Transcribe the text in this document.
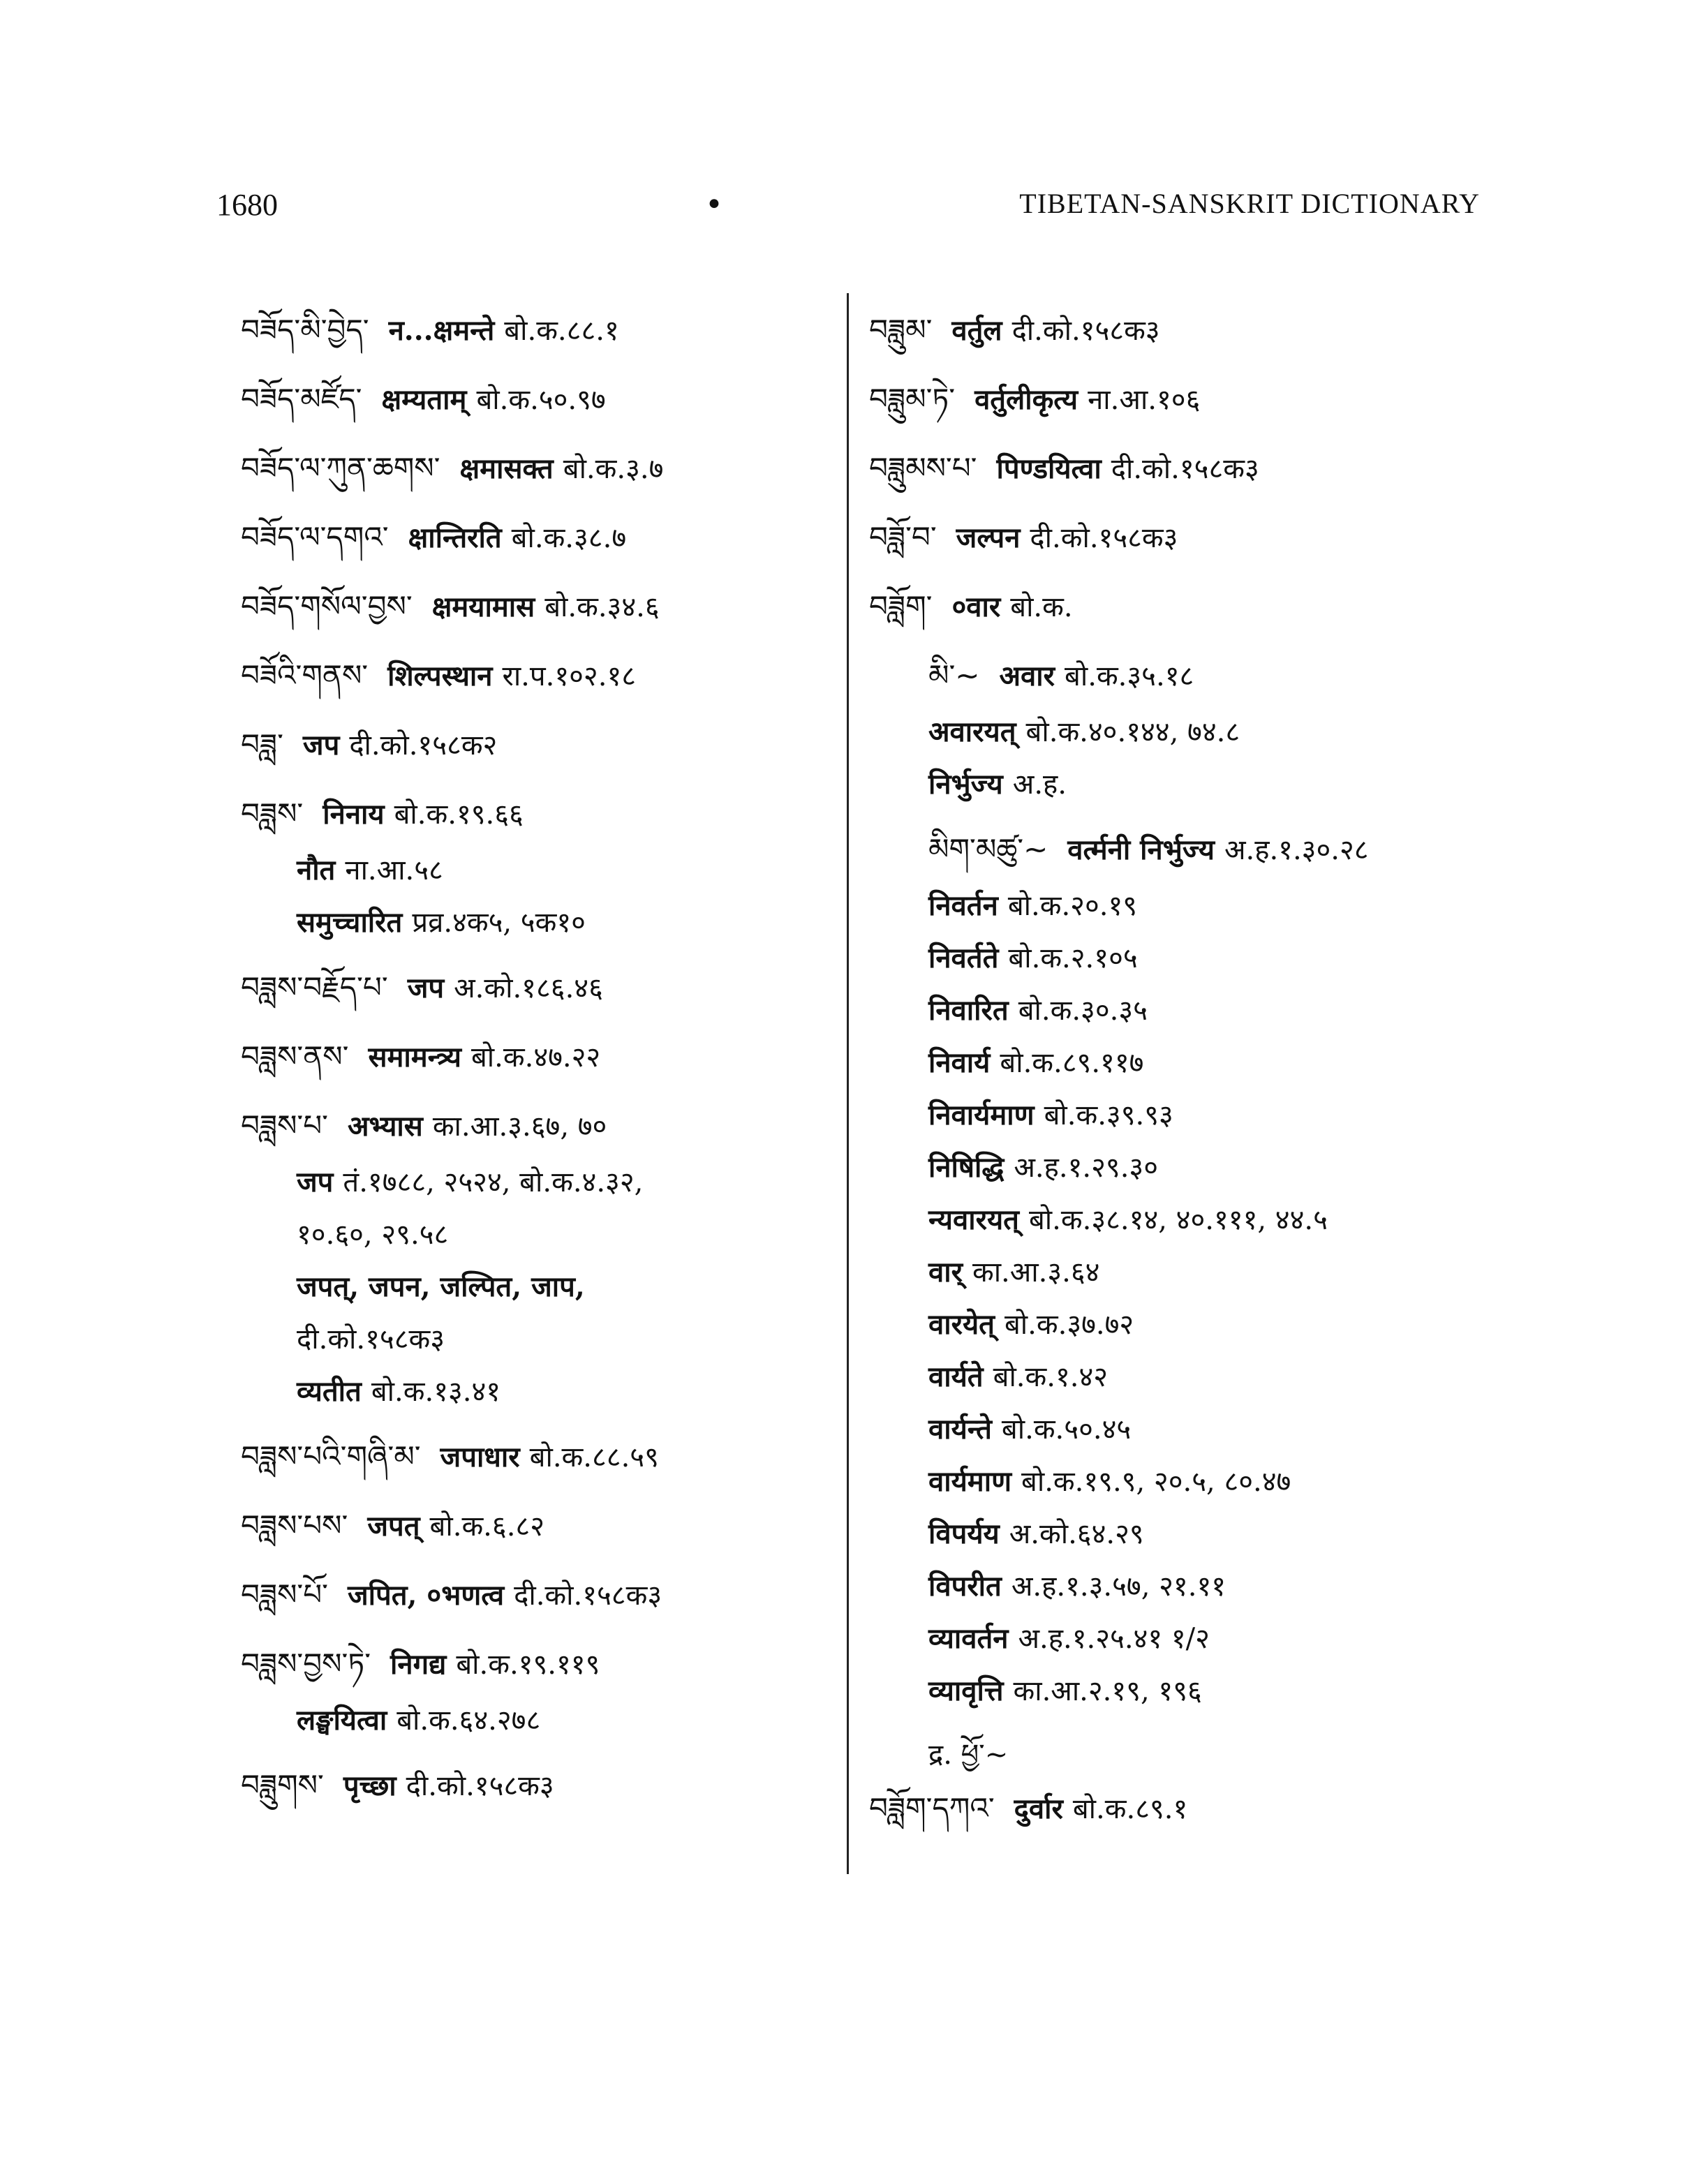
1680	•	TIBETAN-SANSKRIT DICTIONARY
བཟོད་མི་བྱེད་ न...क्षमन्ते बो.क.८८.१
བཟོད་མཛོད་ क्षम्यताम् बो.क.५०.९७
བཟོད་ལ་ཀུན་ཆགས་ क्षमासक्त बो.क.३.७
བཟོད་ལ་དགའ་ क्षान्तिरति बो.क.३८.७
བཟོད་གསོལ་བྱས་ क्षमयामास बो.क.३४.६
བཟོའི་གནས་ शिल्पस्थान रा.प.१०२.१८
བཟླ་ जप दी.को.१५८क२
བཟླས་ निनाय बो.क.१९.६६
नौत ना.आ.५८
समुच्चारित प्रव्र.४क५, ५क१०
བཟླས་བརྗོད་པ་ जप अ.को.१८६.४६
བཟླས་ནས་ समामन्त्र्य बो.क.४७.२२
བཟླས་པ་ अभ्यास का.आ.३.६७, ७०
जप तं.१७८८, २५२४, बो.क.४.३२,
१०.६०, २९.५८
जपत्, जपन, जल्पित, जाप,
दी.को.१५८क३
व्यतीत बो.क.१३.४१
བཟླས་པའི་གཞི་མ་ जपाधार बो.क.८८.५९
བཟླས་པས་ जपत् बो.क.६.८२
བཟླས་པོ་ जपित, ०भणत्व दी.को.१५८क३
བཟླས་བྱས་ཏེ་ निगद्य बो.क.१९.११९
लङ्घयित्वा बो.क.६४.२७८
བཟླུགས་ पृच्छा दी.को.१५८क३
བཟླུམ་ वर्तुल दी.को.१५८क३
བཟླུམ་ཏེ་ वर्तुलीकृत्य ना.आ.१०६
བཟླུམས་པ་ पिण्डयित्वा दी.को.१५८क३
བཟློ་བ་ जल्पन दी.को.१५८क३
བཟློག་ ०वार बो.क.
མི་~ अवार बो.क.३५.१८
अवारयत् बो.क.४०.१४४, ७४.८
निर्भुज्य अ.ह.
མིག་མཚུ་~ वर्त्मनी निर्भुज्य अ.ह.१.३०.२८
निवर्तन बो.क.२०.१९
निवर्तते बो.क.२.१०५
निवारित बो.क.३०.३५
निवार्य बो.क.८९.११७
निवार्यमाण बो.क.३९.९३
निषिद्धि अ.ह.१.२९.३०
न्यवारयत् बो.क.३८.१४, ४०.१११, ४४.५
वार् का.आ.३.६४
वारयेत् बो.क.३७.७२
वार्यते बो.क.१.४२
वार्यन्ते बो.क.५०.४५
वार्यमाण बो.क.१९.९, २०.५, ८०.४७
विपर्यय अ.को.६४.२९
विपरीत अ.ह.१.३.५७, २१.११
व्यावर्तन अ.ह.१.२५.४१ १/२
व्यावृत्ति का.आ.२.१९, १९६
द्र. ཕྱོ་~
བཟློག་དཀའ་ दुर्वार बो.क.८९.१
